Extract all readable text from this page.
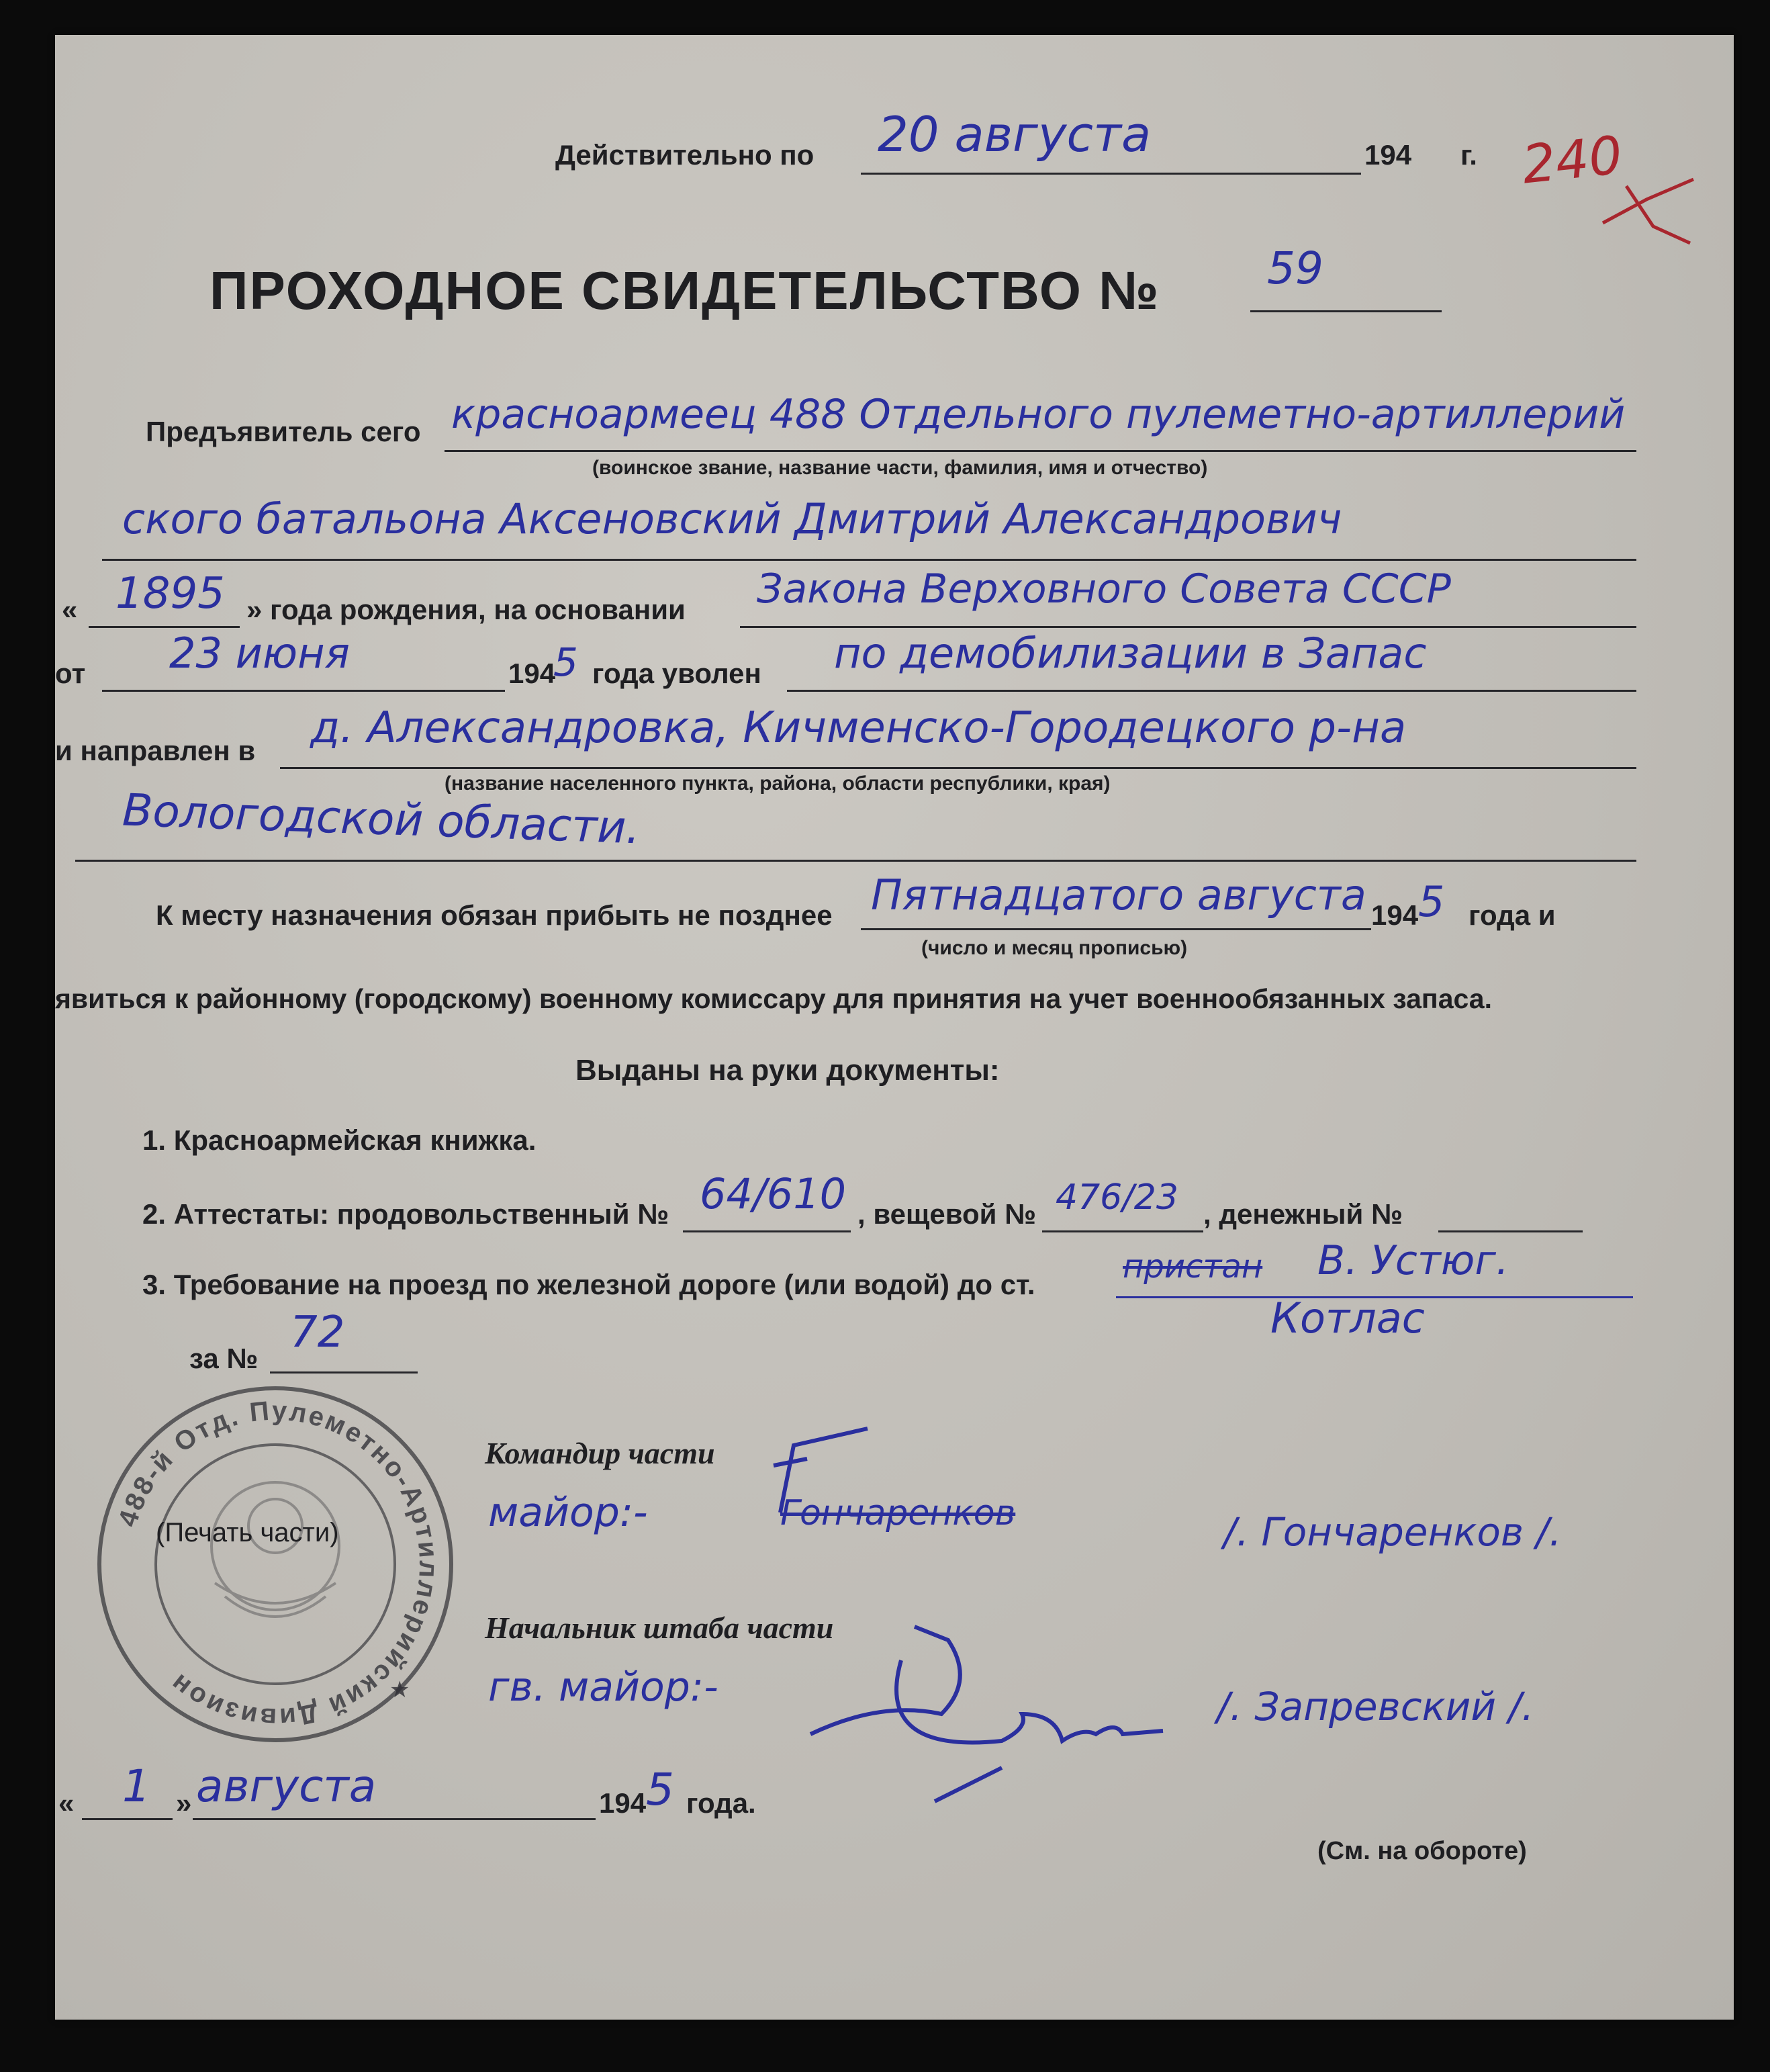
Действительно по 20 августа	194 г. 240
ПРОХОДНОЕ СВИДЕТЕЛЬСТВО № 59
Предъявитель сего красноармеец 488 Отдельного пулеметно-артиллерий
(воинское звание, название части, фамилия, имя и отчество)
ского батальона Аксеновский Дмитрий Александрович
« 1895 » года рождения, на основании Закона Верховного Совета СССР
от 23 июня	194
5 года уволен по демобилизации в Запас
и направлен в д. Александровка, Кичменско-Городецкого р-на
(название населенного пункта, района, области республики, края)
Вологодской области.
К месту назначения обязан прибыть не позднее Пятнадцатого августа 194 5 года и
(число и месяц прописью)
явиться к районному (городскому) военному комиссару для принятия на учет военнообязанных запаса.
Выданы на руки документы:
1. Красноармейская книжка.
2. Аттестаты: продовольственный № 64/610 , вещевой № 476/23 , денежный №
3. Требование на проезд по железной дороге (или водой) до ст.	пристан В. Устюг.
Котлас
за №
72
488-й Отд. Пулеметно-Артиллерийский Дивизион	★
(Печать части)
Командир части
майор:-	Гончаренков	/. Гончаренков /.
Начальник штаба части
гв. майор:-	/. Запревский /.
« 1 » августа	194 5 года.
(См. на обороте)
